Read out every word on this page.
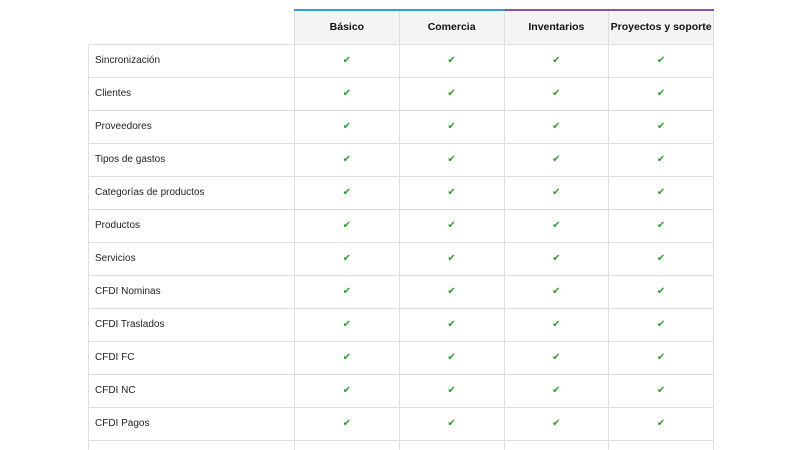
	Básico	Comercia	Inventarios	Proyectos y soporte
Sincronización	✔	✔	✔	✔
Clientes	✔	✔	✔	✔
Proveedores	✔	✔	✔	✔
Tipos de gastos	✔	✔	✔	✔
Categorías de productos	✔	✔	✔	✔
Productos	✔	✔	✔	✔
Servicios	✔	✔	✔	✔
CFDI Nominas	✔	✔	✔	✔
CFDI Traslados	✔	✔	✔	✔
CFDI FC	✔	✔	✔	✔
CFDI NC	✔	✔	✔	✔
CFDI Pagos	✔	✔	✔	✔
